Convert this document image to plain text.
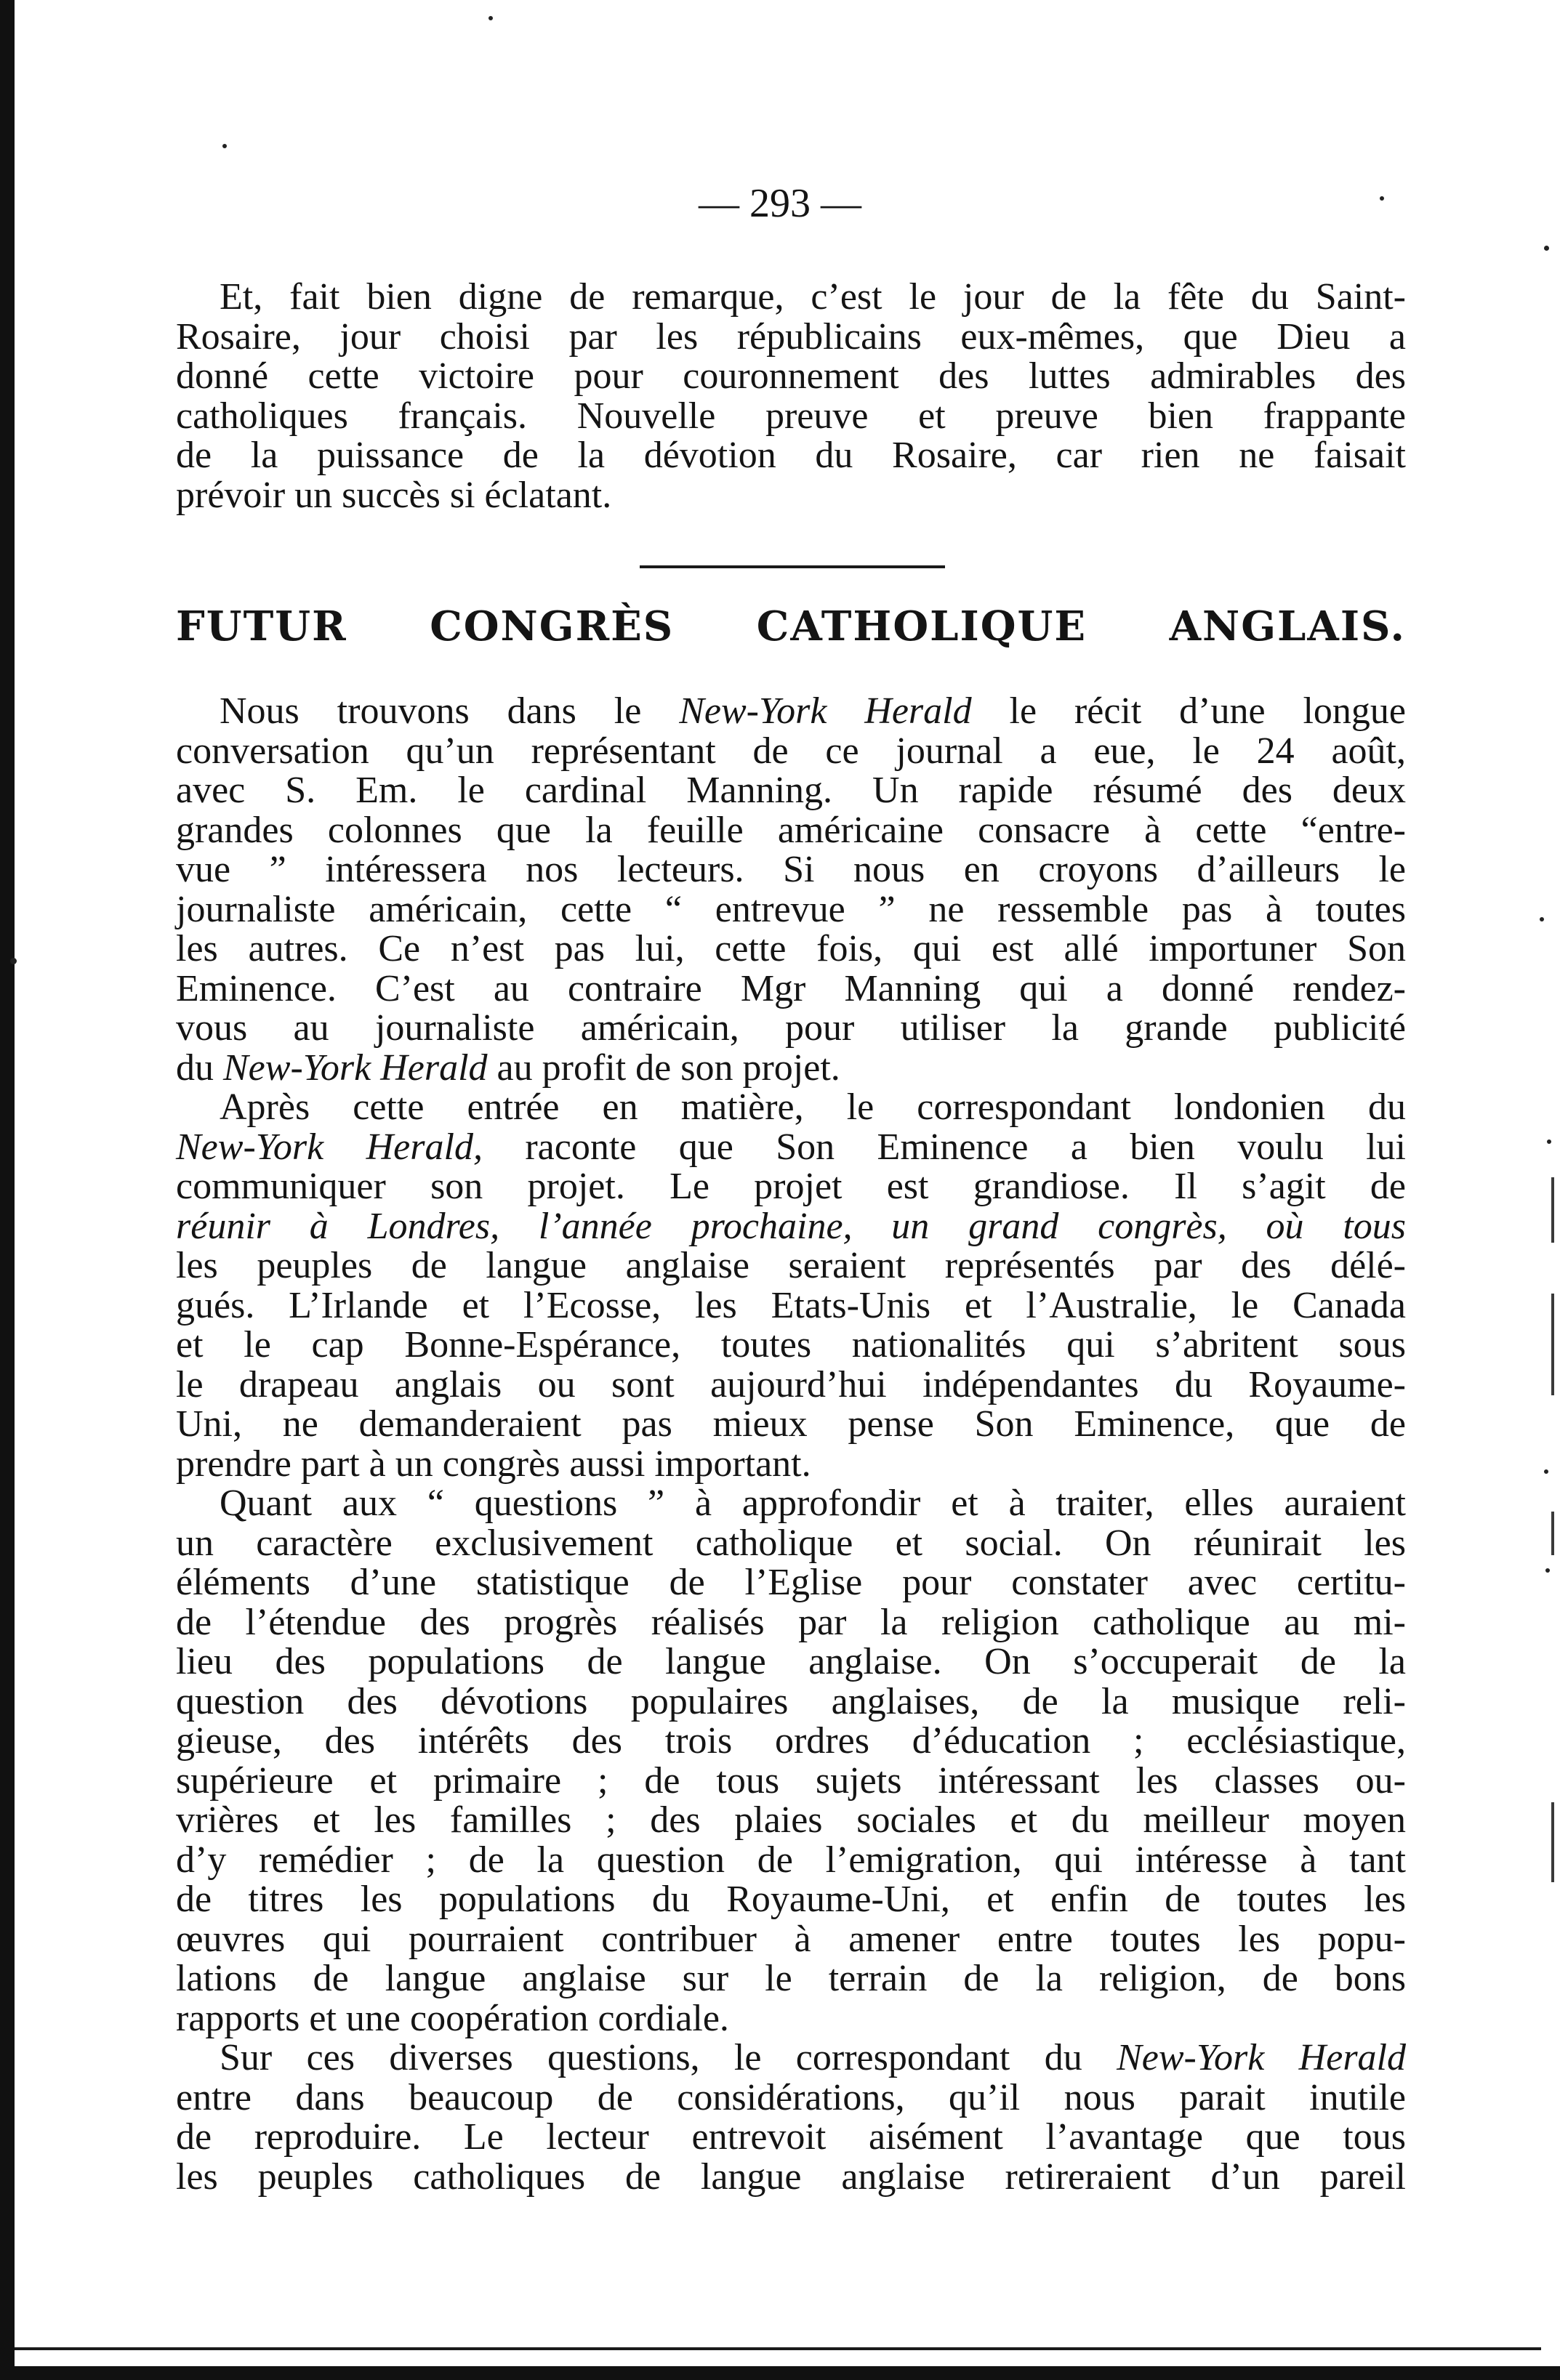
— 293 —

Et, fait bien digne de remarque, c’est le jour de la fête du Saint-
Rosaire, jour choisi par les républicains eux-mêmes, que Dieu a
donné cette victoire pour couronnement des luttes admirables des
catholiques français. Nouvelle preuve et preuve bien frappante
de la puissance de la dévotion du Rosaire, car rien ne faisait
prévoir un succès si éclatant.
FUTUR CONGRÈS CATHOLIQUE ANGLAIS.
Nous trouvons dans le New-York Herald le récit d’une longue
conversation qu’un représentant de ce journal a eue, le 24 août,
avec S. Em. le cardinal Manning. Un rapide résumé des deux
grandes colonnes que la feuille américaine consacre à cette “entre-
vue ” intéressera nos lecteurs. Si nous en croyons d’ailleurs le
journaliste américain, cette “ entrevue ” ne ressemble pas à toutes
les autres. Ce n’est pas lui, cette fois, qui est allé importuner Son
Eminence. C’est au contraire Mgr Manning qui a donné rendez-
vous au journaliste américain, pour utiliser la grande publicité
du New-York Herald au profit de son projet.
Après cette entrée en matière, le correspondant londonien du
New-York Herald, raconte que Son Eminence a bien voulu lui
communiquer son projet. Le projet est grandiose. Il s’agit de
réunir à Londres, l’année prochaine, un grand congrès, où tous
les peuples de langue anglaise seraient représentés par des délé-
gués. L’Irlande et l’Ecosse, les Etats-Unis et l’Australie, le Canada
et le cap Bonne-Espérance, toutes nationalités qui s’abritent sous
le drapeau anglais ou sont aujourd’hui indépendantes du Royaume-
Uni, ne demanderaient pas mieux pense Son Eminence, que de
prendre part à un congrès aussi important.
Quant aux “ questions ” à approfondir et à traiter, elles auraient
un caractère exclusivement catholique et social. On réunirait les
éléments d’une statistique de l’Eglise pour constater avec certitu-
de l’étendue des progrès réalisés par la religion catholique au mi-
lieu des populations de langue anglaise. On s’occuperait de la
question des dévotions populaires anglaises, de la musique reli-
gieuse, des intérêts des trois ordres d’éducation ; ecclésiastique,
supérieure et primaire ; de tous sujets intéressant les classes ou-
vrières et les familles ; des plaies sociales et du meilleur moyen
d’y remédier ; de la question de l’emigration, qui intéresse à tant
de titres les populations du Royaume-Uni, et enfin de toutes les
œuvres qui pourraient contribuer à amener entre toutes les popu-
lations de langue anglaise sur le terrain de la religion, de bons
rapports et une coopération cordiale.
Sur ces diverses questions, le correspondant du New-York Herald
entre dans beaucoup de considérations, qu’il nous parait inutile
de reproduire. Le lecteur entrevoit aisément l’avantage que tous
les peuples catholiques de langue anglaise retireraient d’un pareil
